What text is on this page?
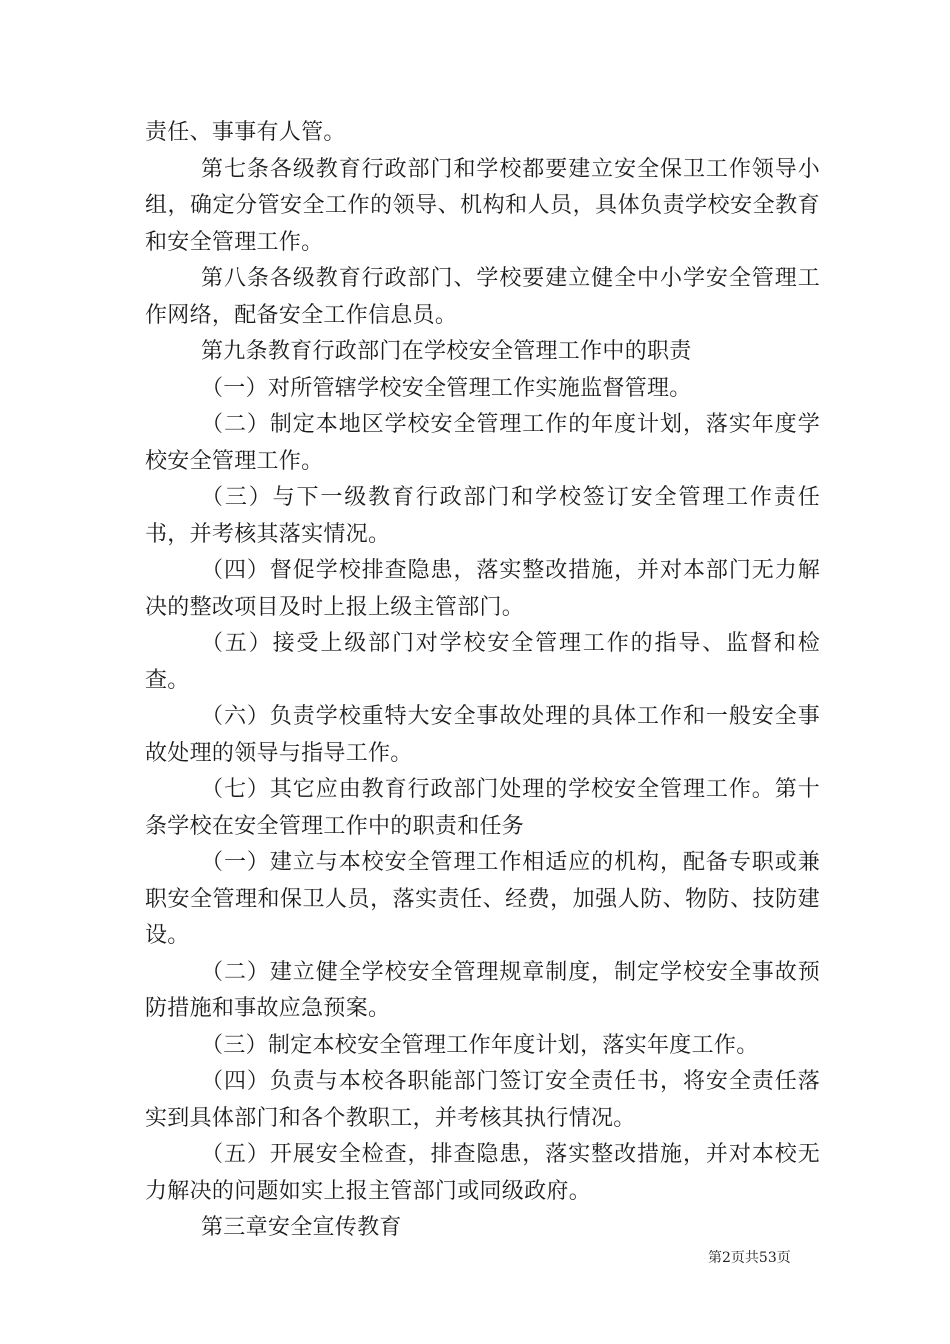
责任、事事有人管。

第七条各级教育行政部门和学校都要建立安全保卫工作领导小组，确定分管安全工作的领导、机构和人员，具体负责学校安全教育和安全管理工作。

第八条各级教育行政部门、学校要建立健全中小学安全管理工作网络，配备安全工作信息员。

第九条教育行政部门在学校安全管理工作中的职责

（一）对所管辖学校安全管理工作实施监督管理。

（二）制定本地区学校安全管理工作的年度计划，落实年度学校安全管理工作。

（三）与下一级教育行政部门和学校签订安全管理工作责任书，并考核其落实情况。

（四）督促学校排查隐患，落实整改措施，并对本部门无力解决的整改项目及时上报上级主管部门。

（五）接受上级部门对学校安全管理工作的指导、监督和检查。

（六）负责学校重特大安全事故处理的具体工作和一般安全事故处理的领导与指导工作。

（七）其它应由教育行政部门处理的学校安全管理工作。第十条学校在安全管理工作中的职责和任务

（一）建立与本校安全管理工作相适应的机构，配备专职或兼职安全管理和保卫人员，落实责任、经费，加强人防、物防、技防建设。

（二）建立健全学校安全管理规章制度，制定学校安全事故预防措施和事故应急预案。

（三）制定本校安全管理工作年度计划，落实年度工作。

（四）负责与本校各职能部门签订安全责任书，将安全责任落实到具体部门和各个教职工，并考核其执行情况。

（五）开展安全检查，排查隐患，落实整改措施，并对本校无力解决的问题如实上报主管部门或同级政府。

第三章安全宣传教育

第2页共53页
